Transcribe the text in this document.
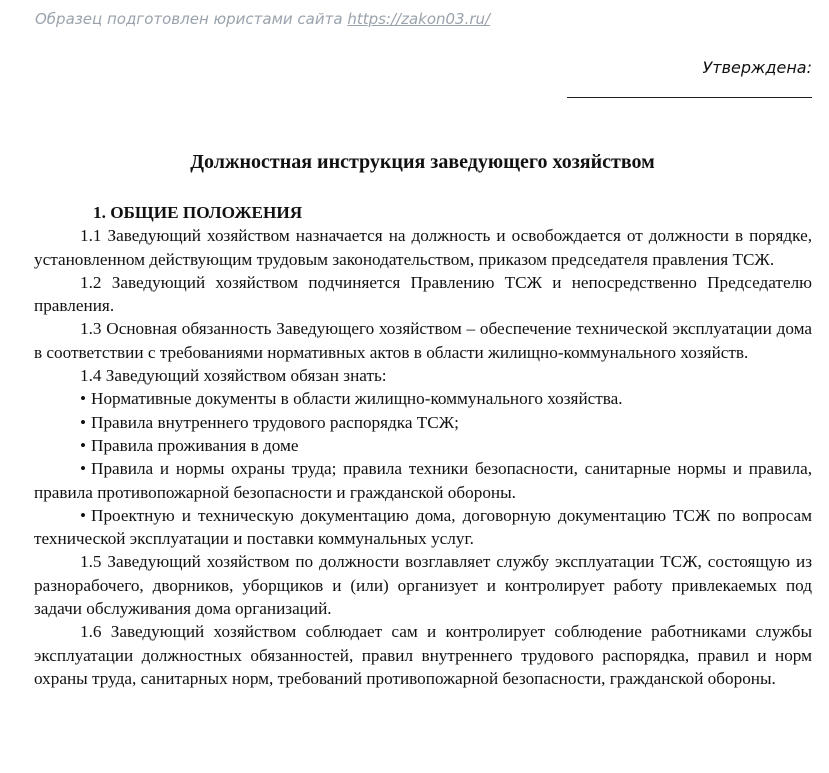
Образец подготовлен юристами сайта https://zakon03.ru/
Утверждена:
Должностная инструкция заведующего хозяйством

1. ОБЩИЕ ПОЛОЖЕНИЯ

1.1 Заведующий хозяйством назначается на должность и освобождается от должности в порядке, установленном действующим трудовым законодательством, приказом председателя правления ТСЖ.

1.2 Заведующий хозяйством подчиняется Правлению ТСЖ и непосредственно Председателю правления.

1.3 Основная обязанность Заведующего хозяйством – обеспечение технической эксплуатации дома в соответствии с требованиями нормативных актов в области жилищно-коммунального хозяйств.

1.4 Заведующий хозяйством обязан знать:

• Нормативные документы в области жилищно-коммунального хозяйства.

• Правила внутреннего трудового распорядка ТСЖ;

• Правила проживания в доме

• Правила и нормы охраны труда; правила техники безопасности, санитарные нормы и правила, правила противопожарной безопасности и гражданской обороны.

• Проектную и техническую документацию дома, договорную документацию ТСЖ по вопросам технической эксплуатации и поставки коммунальных услуг.

1.5 Заведующий хозяйством по должности возглавляет службу эксплуатации ТСЖ, состоящую из разнорабочего, дворников, уборщиков и (или) организует и контролирует работу привлекаемых под задачи обслуживания дома организаций.

1.6 Заведующий хозяйством соблюдает сам и контролирует соблюдение работниками службы эксплуатации должностных обязанностей, правил внутреннего трудового распорядка, правил и норм охраны труда, санитарных норм, требований противопожарной безопасности, гражданской обороны.
